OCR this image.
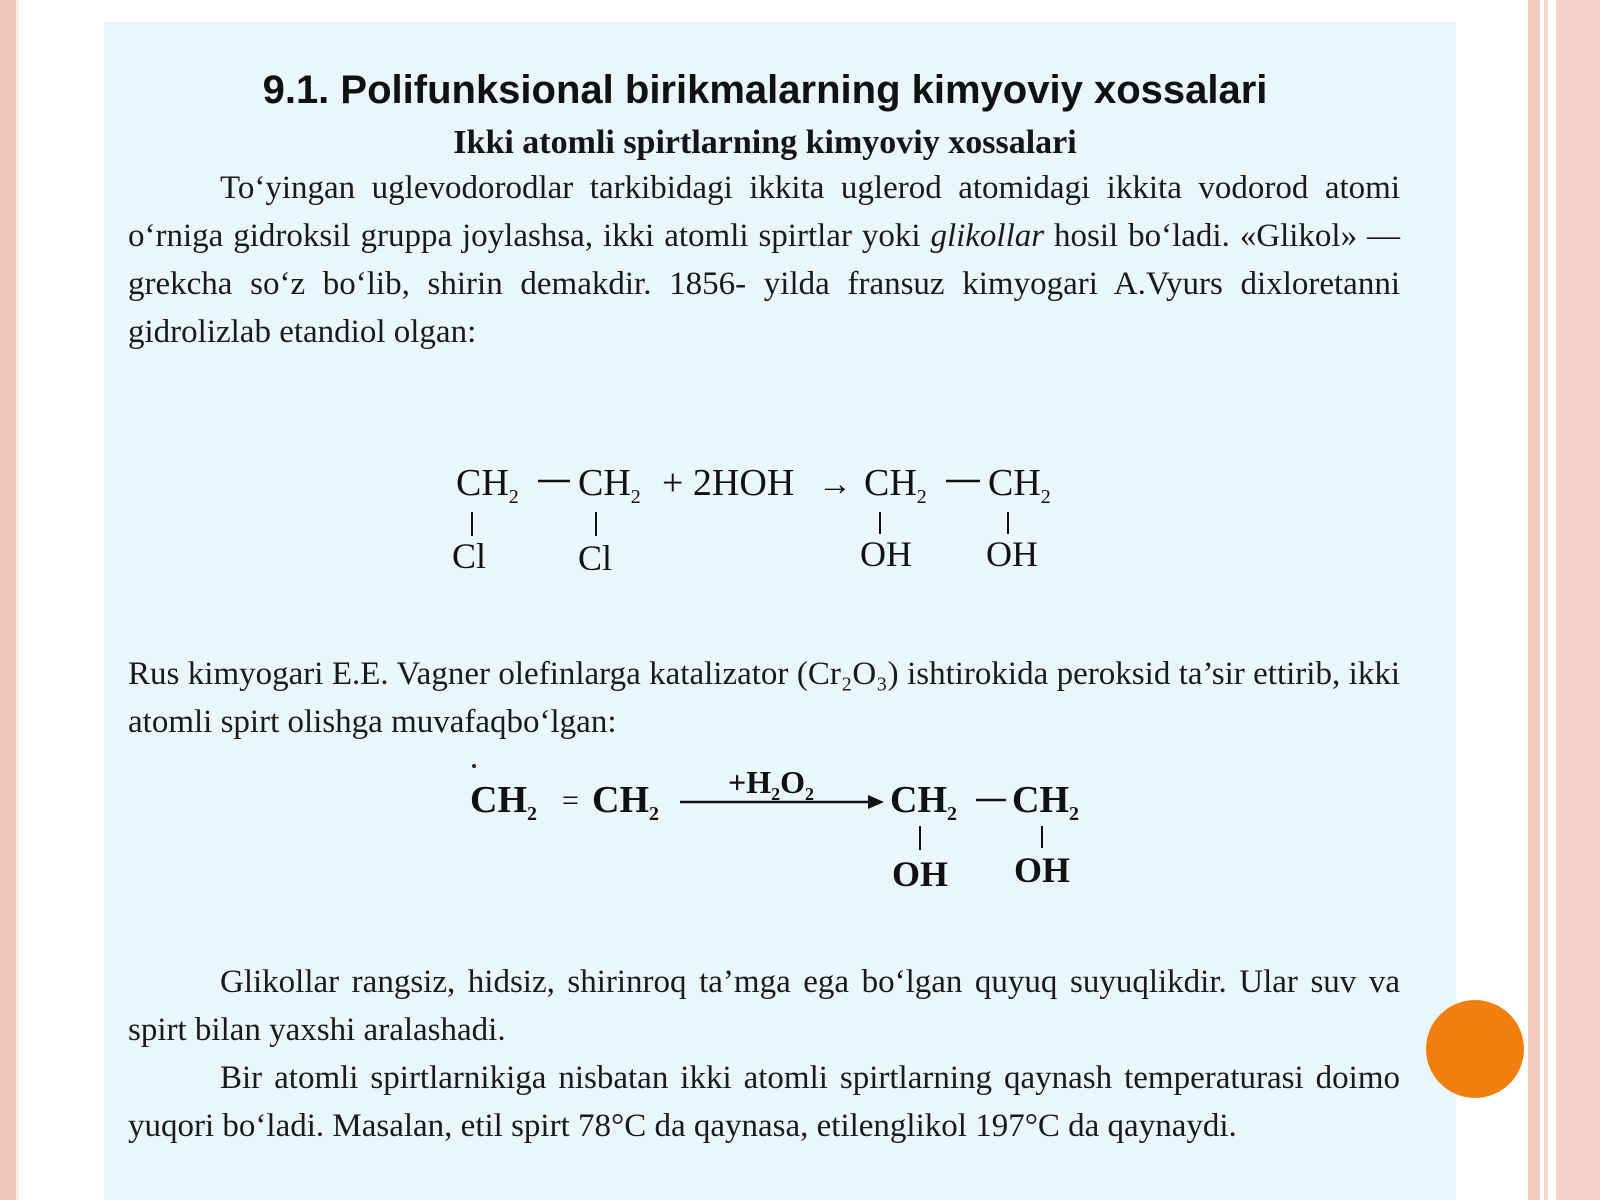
9.1. Polifunksional birikmalarning kimyoviy xossalari
Ikki atomli spirtlarning kimyoviy xossalari

To‘yingan uglevodorodlar tarkibidagi ikkita uglerod atomidagi ikkita vodorod atomi o‘rniga gidroksil gruppa joylashsa, ikki atomli spirtlar yoki glikollar hosil bo‘ladi. «Glikol» — grekcha so‘z bo‘lib, shirin demakdir. 1856- yilda fransuz kimyogari A.Vyurs dixloretanni gidrolizlab etandiol olgan:

$CH_2$ $CH_2 + 2HOH \to CH_2$ $CH_2$
Cl	Cl	OH OH

Rus kimyogari E.E. Vagner olefinlarga katalizator (Cr₂O₃) ishtirokida peroksid ta’sir ettirib, ikki atomli spirt olishga muvafaqbo‘lgan:

$+H_2O_2$
$CH_2 = CH_2$	$CH_2$ $CH_2$
OH OH

Glikollar rangsiz, hidsiz, shirinroq ta’mga ega bo‘lgan quyuq suyuqlikdir. Ular suv va spirt bilan yaxshi aralashadi.

Bir atomli spirtlarnikiga nisbatan ikki atomli spirtlarning qaynash temperaturasi doimo yuqori bo‘ladi. Masalan, etil spirt 78°C da qaynasa, etilenglikol 197°C da qaynaydi.
